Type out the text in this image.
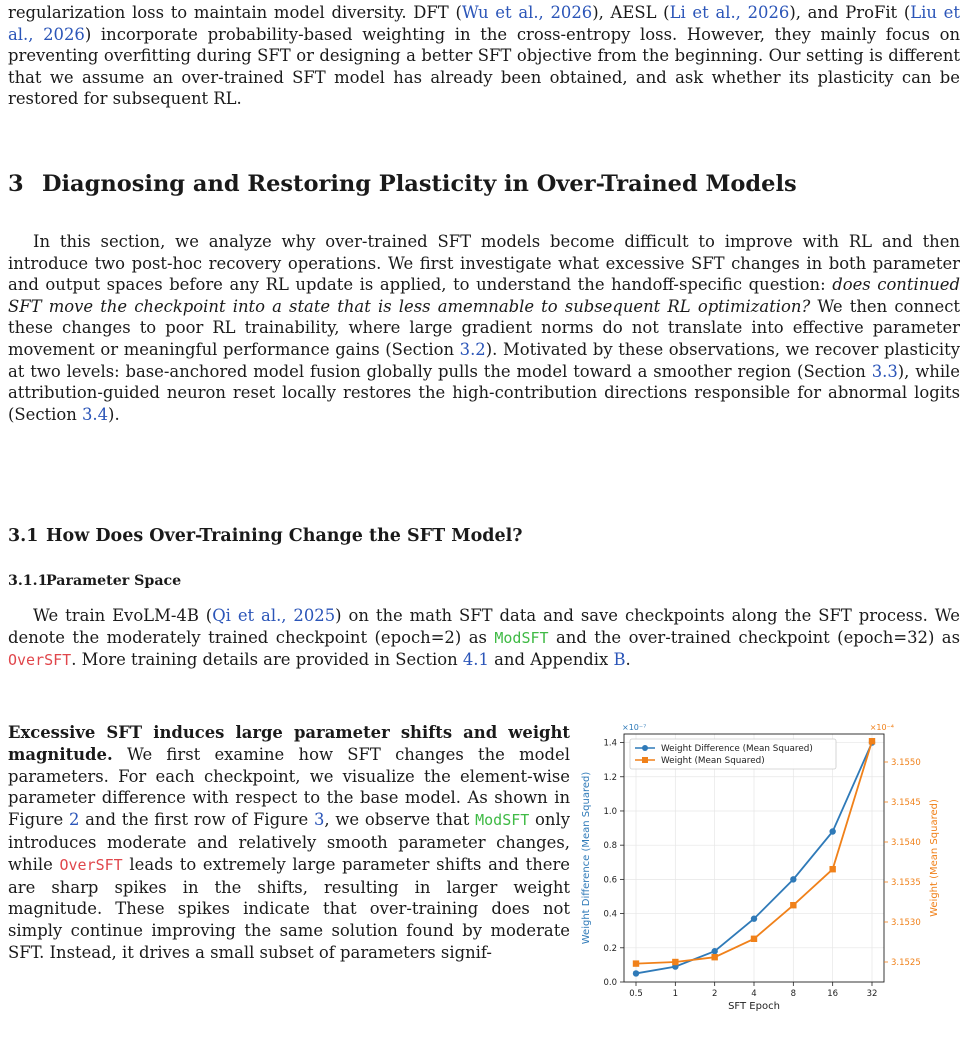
regularization loss to maintain model diversity. DFT (Wu et al., 2026), AESL (Li et al., 2026), and ProFit (Liu et al., 2026) incorporate probability-based weighting in the cross-entropy loss. However, they mainly focus on preventing overfitting during SFT or designing a better SFT objective from the beginning. Our setting is different that we assume an over-trained SFT model has already been obtained, and ask whether its plasticity can be restored for subsequent RL.

3 Diagnosing and Restoring Plasticity in Over-Trained Models

In this section, we analyze why over-trained SFT models become difficult to improve with RL and then introduce two post-hoc recovery operations. We first investigate what excessive SFT changes in both parameter and output spaces before any RL update is applied, to understand the handoff-specific question: does continued SFT move the checkpoint into a state that is less amemnable to subsequent RL optimization? We then connect these changes to poor RL trainability, where large gradient norms do not translate into effective parameter movement or meaningful performance gains (Section 3.2). Motivated by these observations, we recover plasticity at two levels: base-anchored model fusion globally pulls the model toward a smoother region (Section 3.3), while attribution-guided neuron reset locally restores the high-contribution directions responsible for abnormal logits (Section 3.4).

3.1 How Does Over-Training Change the SFT Model?
3.1.1Parameter Space

We train EvoLM-4B (Qi et al., 2025) on the math SFT data and save checkpoints along the SFT process. We denote the moderately trained checkpoint (epoch=2) as ModSFT and the over-trained checkpoint (epoch=32) as OverSFT. More training details are provided in Section 4.1 and Appendix B.

Excessive SFT induces large parameter shifts and weight magnitude. We first examine how SFT changes the model parameters. For each checkpoint, we visualize the element-wise parameter difference with respect to the base model. As shown in Figure 2 and the first row of Figure 3, we observe that ModSFT only introduces moderate and relatively smooth parameter changes, while OverSFT leads to extremely large parameter shifts and there are sharp spikes in the shifts, resulting in larger weight magnitude. These spikes indicate that over-training does not simply continue improving the same solution found by moderate SFT. Instead, it drives a small subset of parameters signif-

0.0
0.2
0.4
0.6
0.8
1.0
1.2
1.4
3.1525
3.1530
3.1535
3.1540
3.1545
3.1550
0.5	1	2	4	8	16	32
×10⁻⁷	×10⁻⁴
Weight Difference (Mean Squared)	Weight (Mean Squared)
SFT Epoch
Weight Difference (Mean Squared)
Weight (Mean Squared)
